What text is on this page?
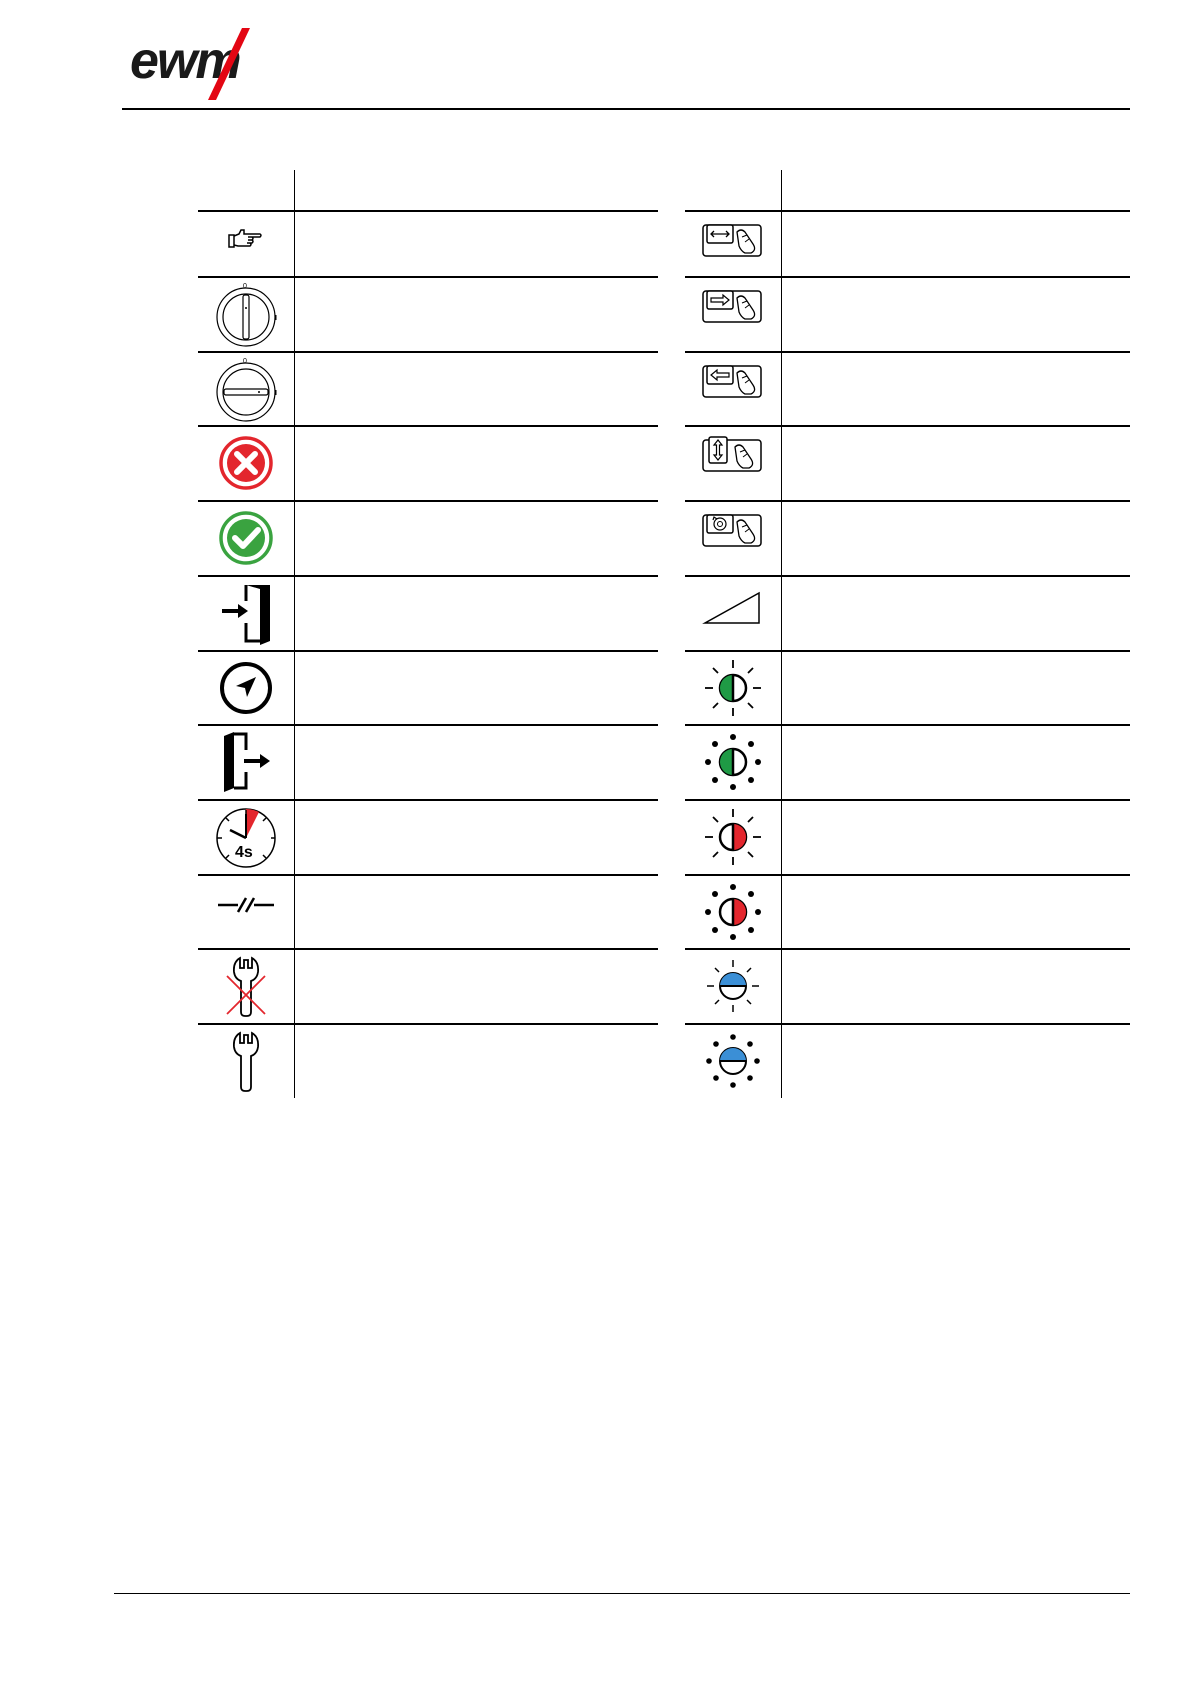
ewm
0
0
4s
